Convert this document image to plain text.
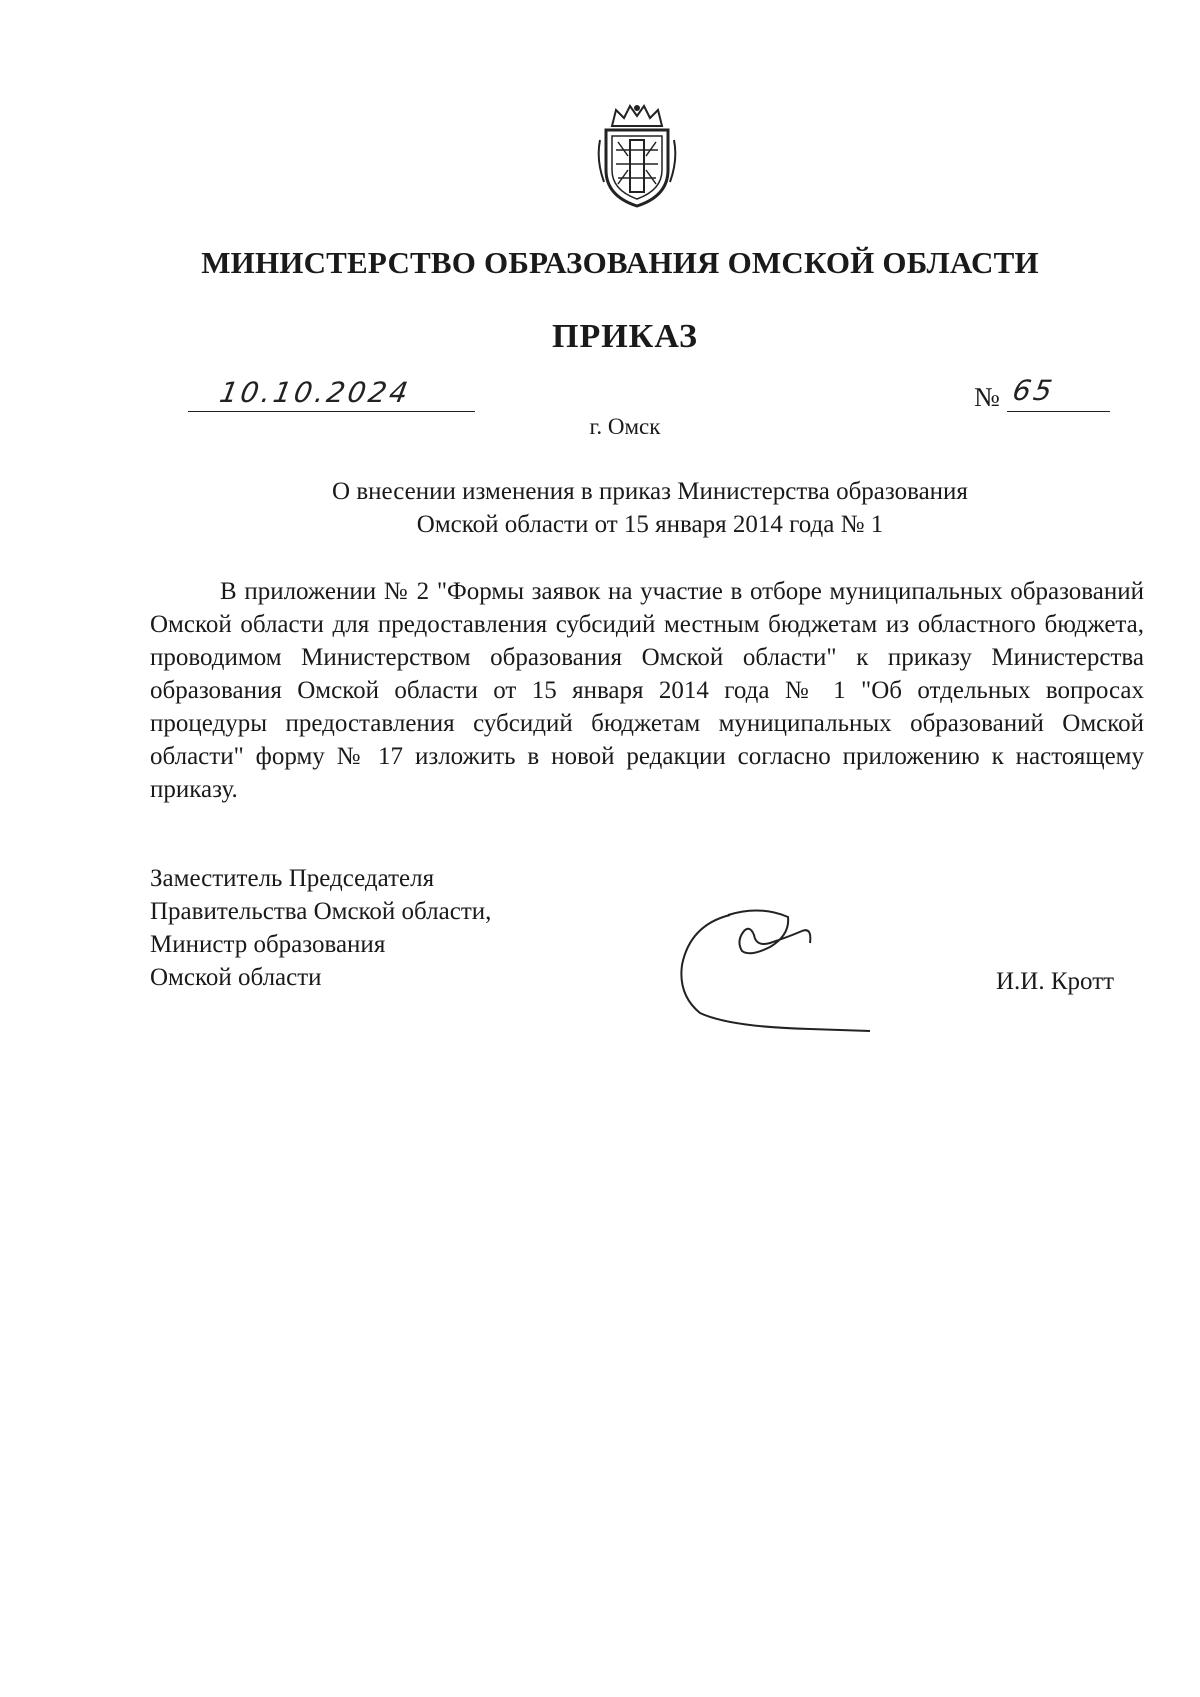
МИНИСТЕРСТВО ОБРАЗОВАНИЯ ОМСКОЙ ОБЛАСТИ
ПРИКАЗ
10.10.2024	№ 65
г. Омск
О внесении изменения в приказ Министерства образования
Омской области от 15 января 2014 года № 1
В приложении № 2 "Формы заявок на участие в отборе муниципальных образований Омской области для предоставления субсидий местным бюджетам из областного бюджета, проводимом Министерством образования Омской области" к приказу Министерства образования Омской области от 15 января 2014 года № 1 "Об отдельных вопросах процедуры предоставления субсидий бюджетам муниципальных образований Омской области" форму № 17 изложить в новой редакции согласно приложению к настоящему приказу.
Заместитель Председателя
Правительства Омской области,
Министр образования
Омской области	И.И. Кротт
